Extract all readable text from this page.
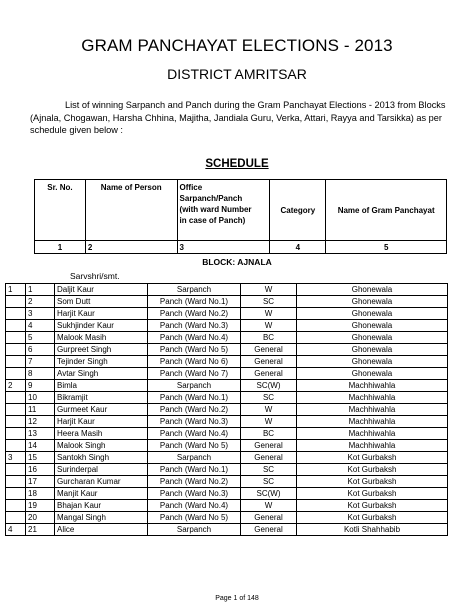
GRAM PANCHAYAT ELECTIONS - 2013
DISTRICT AMRITSAR
List of winning Sarpanch and Panch during the Gram Panchayat Elections - 2013 from Blocks (Ajnala, Chogawan, Harsha Chhina, Majitha, Jandiala Guru, Verka, Attari, Rayya and Tarsikka) as per schedule given below :
SCHEDULE
Sr. No.	Name of Person	Office
Sarpanch/Panch
(with ward Number
in case of Panch)	Category	Name of Gram Panchayat
1	2	3	4	5
BLOCK: AJNALA
Sarvshri/smt.
1	1	Daljit Kaur	Sarpanch	W	Ghonewala
	2	Som Dutt	Panch (Ward No.1)	SC	Ghonewala
	3	Harjit Kaur	Panch (Ward No.2)	W	Ghonewala
	4	Sukhjinder Kaur	Panch (Ward No.3)	W	Ghonewala
	5	Malook Masih	Panch (Ward No.4)	BC	Ghonewala
	6	Gurpreet Singh	Panch (Ward No 5)	General	Ghonewala
	7	Tejinder Singh	Panch (Ward No 6)	General	Ghonewala
	8	Avtar Singh	Panch (Ward No 7)	General	Ghonewala
2	9	Bimla	Sarpanch	SC(W)	Machhiwahla
	10	Bikramjit	Panch (Ward No.1)	SC	Machhiwahla
	11	Gurmeet Kaur	Panch (Ward No.2)	W	Machhiwahla
	12	Harjit Kaur	Panch (Ward No.3)	W	Machhiwahla
	13	Heera Masih	Panch (Ward No.4)	BC	Machhiwahla
	14	Malook Singh	Panch (Ward No 5)	General	Machhiwahla
3	15	Santokh Singh	Sarpanch	General	Kot Gurbaksh
	16	Surinderpal	Panch (Ward No.1)	SC	Kot Gurbaksh
	17	Gurcharan Kumar	Panch (Ward No.2)	SC	Kot Gurbaksh
	18	Manjit Kaur	Panch (Ward No.3)	SC(W)	Kot Gurbaksh
	19	Bhajan Kaur	Panch (Ward No.4)	W	Kot Gurbaksh
	20	Mangal Singh	Panch (Ward No 5)	General	Kot Gurbaksh
4	21	Alice	Sarpanch	General	Kotli Shahhabib
Page 1 of 148
